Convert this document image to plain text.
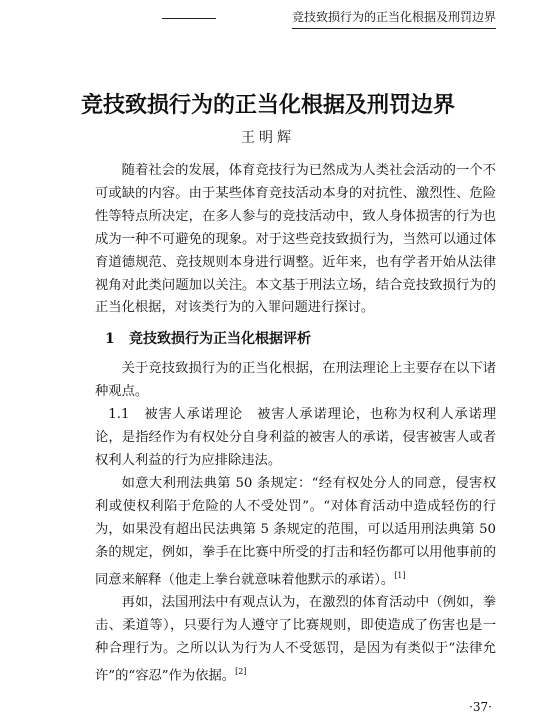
竞技致损行为的正当化根据及刑罚边界
竞技致损行为的正当化根据及刑罚边界
王明辉

随着社会的发展，体育竞技行为已然成为人类社会活动的一个不可或缺的内容。由于某些体育竞技活动本身的对抗性、激烈性、危险性等特点所决定，在多人参与的竞技活动中，致人身体损害的行为也成为一种不可避免的现象。对于这些竞技致损行为，当然可以通过体育道德规范、竞技规则本身进行调整。近年来，也有学者开始从法律视角对此类问题加以关注。本文基于刑法立场，结合竞技致损行为的正当化根据，对该类行为的入罪问题进行探讨。

1 竞技致损行为正当化根据评析

关于竞技致损行为的正当化根据，在刑法理论上主要存在以下诸种观点。

1.1　被害人承诺理论　被害人承诺理论，也称为权利人承诺理论，是指经作为有权处分自身利益的被害人的承诺，侵害被害人或者权利人利益的行为应排除违法。

如意大利刑法典第 50 条规定：“经有权处分人的同意，侵害权利或使权利陷于危险的人不受处罚”。“对体育活动中造成轻伤的行为，如果没有超出民法典第 5 条规定的范围，可以适用刑法典第 50 条的规定，例如，拳手在比赛中所受的打击和轻伤都可以用他事前的同意来解释（他走上拳台就意味着他默示的承诺）。[1]

再如，法国刑法中有观点认为，在激烈的体育活动中（例如，拳击、柔道等），只要行为人遵守了比赛规则，即使造成了伤害也是一种合理行为。之所以认为行为人不受惩罚，是因为有类似于“法律允许”的“容忍”作为依据。[2]

·37·
